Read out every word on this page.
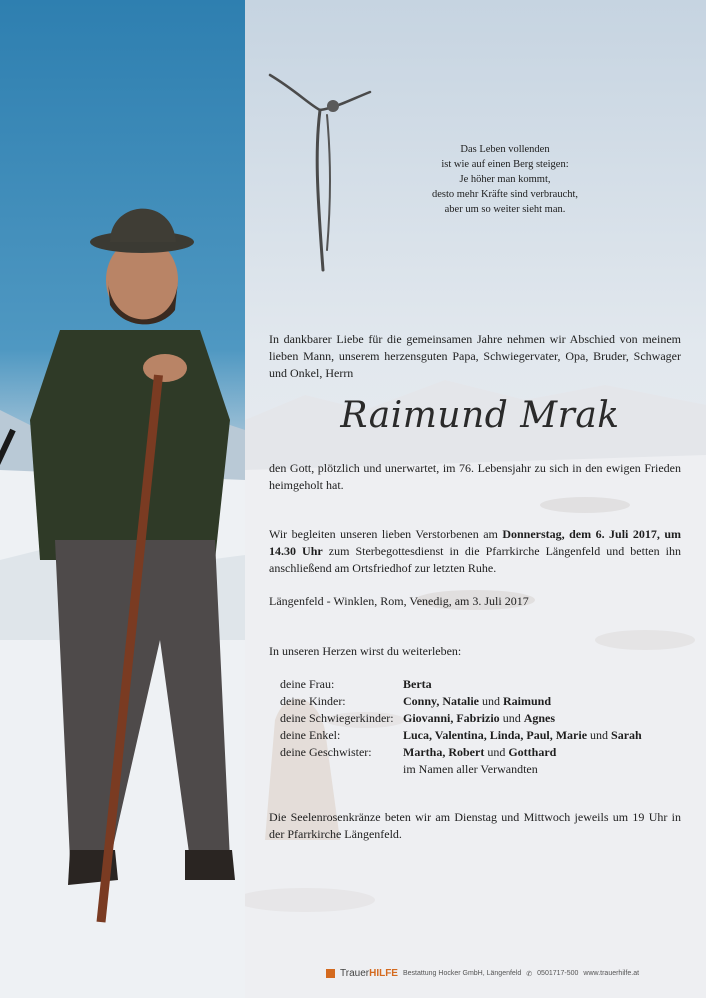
Das Leben vollenden
ist wie auf einen Berg steigen:
Je höher man kommt,
desto mehr Kräfte sind verbraucht,
aber um so weiter sieht man.
In dankbarer Liebe für die gemeinsamen Jahre nehmen wir Abschied von meinem lieben Mann, unserem herzensguten Papa, Schwiegervater, Opa, Bruder, Schwager und Onkel, Herrn
Raimund Mrak
den Gott, plötzlich und unerwartet, im 76. Lebensjahr zu sich in den ewigen Frieden heimgeholt hat.
Wir begleiten unseren lieben Verstorbenen am Donnerstag, dem 6. Juli 2017, um 14.30 Uhr zum Sterbegottesdienst in die Pfarrkirche Längenfeld und betten ihn anschließend am Ortsfriedhof zur letzten Ruhe.
Längenfeld - Winklen, Rom, Venedig, am 3. Juli 2017
In unseren Herzen wirst du weiterleben:
deine Frau:	Berta
deine Kinder:	Conny, Natalie und Raimund
deine Schwiegerkinder: Giovanni, Fabrizio und Agnes
deine Enkel:	Luca, Valentina, Linda, Paul, Marie und Sarah
deine Geschwister:	Martha, Robert und Gotthard
im Namen aller Verwandten
Die Seelenrosenkränze beten wir am Dienstag und Mittwoch jeweils um 19 Uhr in der Pfarrkirche Längenfeld.
TrauerHILFE Bestattung Hocker GmbH, Längenfeld ✆ 0501717-500 www.trauerhilfe.at
